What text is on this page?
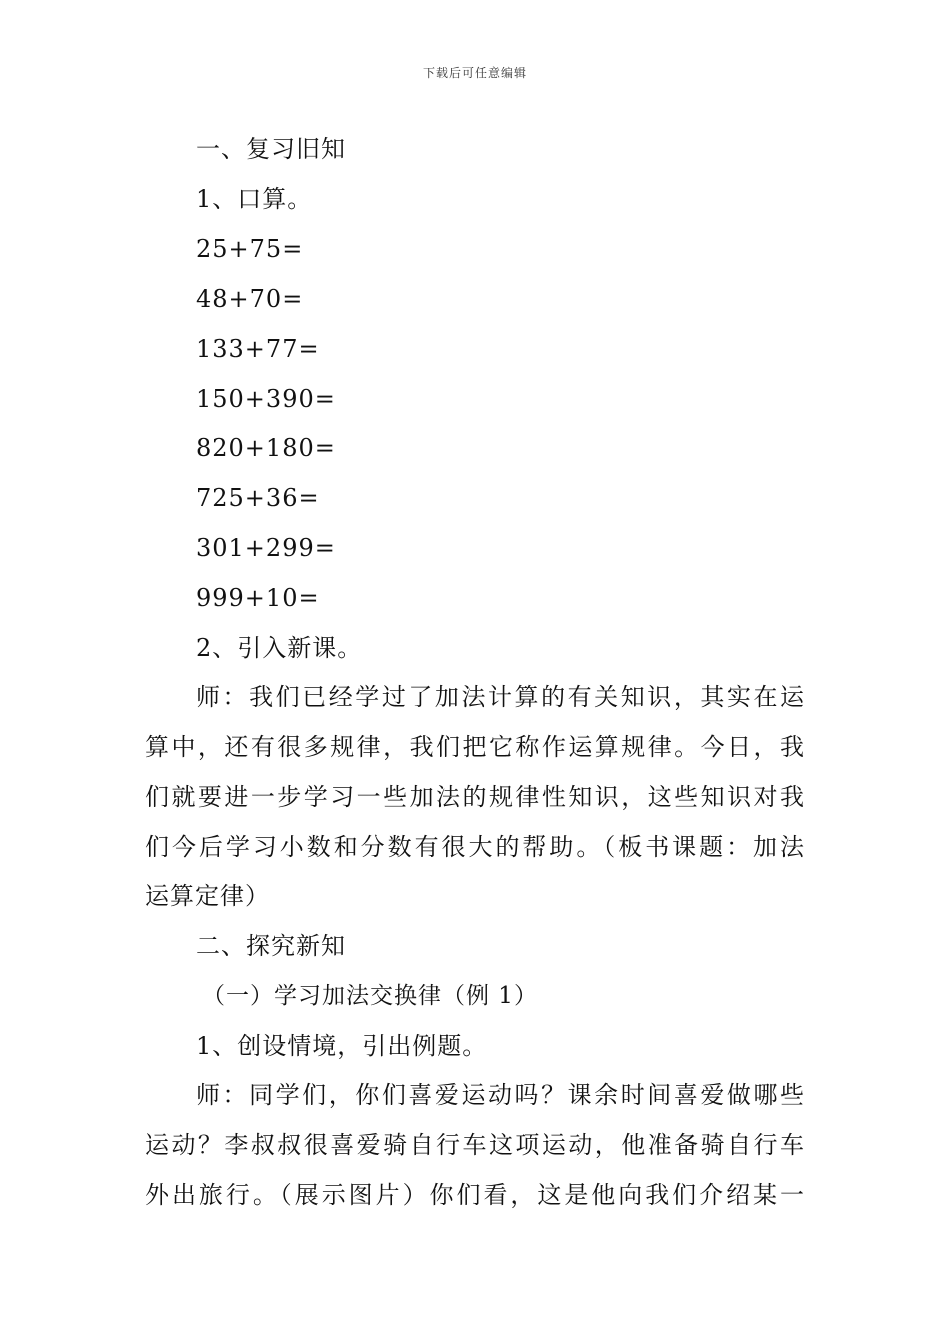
下载后可任意编辑
一、复习旧知
1、口算。
25+75=
48+70=
133+77=
150+390=
820+180=
725+36=
301+299=
999+10=
2、引入新课。
师：我们已经学过了加法计算的有关知识，其实在运
算中，还有很多规律，我们把它称作运算规律。今日，我
们就要进一步学习一些加法的规律性知识，这些知识对我
们今后学习小数和分数有很大的帮助。（板书课题：加法
运算定律）
二、探究新知
（一）学习加法交换律（例 1）
1、创设情境，引出例题。
师：同学们，你们喜爱运动吗？课余时间喜爱做哪些
运动？李叔叔很喜爱骑自行车这项运动，他准备骑自行车
外出旅行。（展示图片）你们看，这是他向我们介绍某一
